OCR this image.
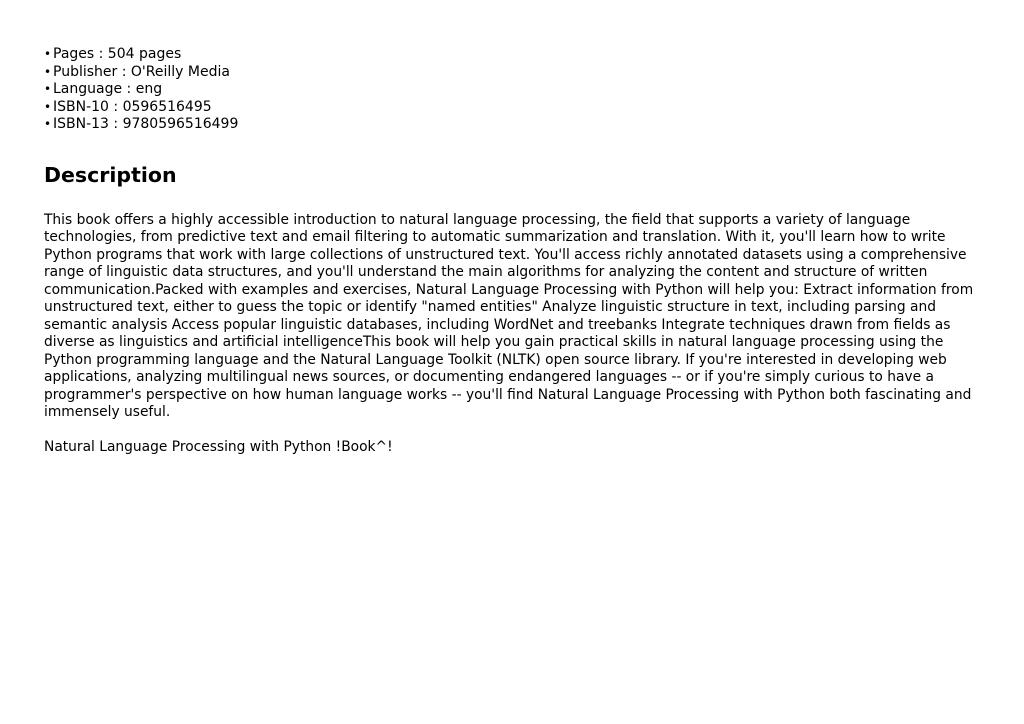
• Pages : 504 pages
• Publisher : O'Reilly Media
• Language : eng
• ISBN-10 : 0596516495
• ISBN-13 : 9780596516499
Description

This book offers a highly accessible introduction to natural language processing, the field that supports a variety of language technologies, from predictive text and email filtering to automatic summarization and translation. With it, you'll learn how to write Python programs that work with large collections of unstructured text. You'll access richly annotated datasets using a comprehensive range of linguistic data structures, and you'll understand the main algorithms for analyzing the content and structure of written communication.Packed with examples and exercises, Natural Language Processing with Python will help you: Extract information from unstructured text, either to guess the topic or identify "named entities" Analyze linguistic structure in text, including parsing and semantic analysis Access popular linguistic databases, including WordNet and treebanks Integrate techniques drawn from fields as diverse as linguistics and artificial intelligenceThis book will help you gain practical skills in natural language processing using the Python programming language and the Natural Language Toolkit (NLTK) open source library. If you're interested in developing web applications, analyzing multilingual news sources, or documenting endangered languages -- or if you're simply curious to have a programmer's perspective on how human language works -- you'll find Natural Language Processing with Python both fascinating and immensely useful.

Natural Language Processing with Python !Book^!
